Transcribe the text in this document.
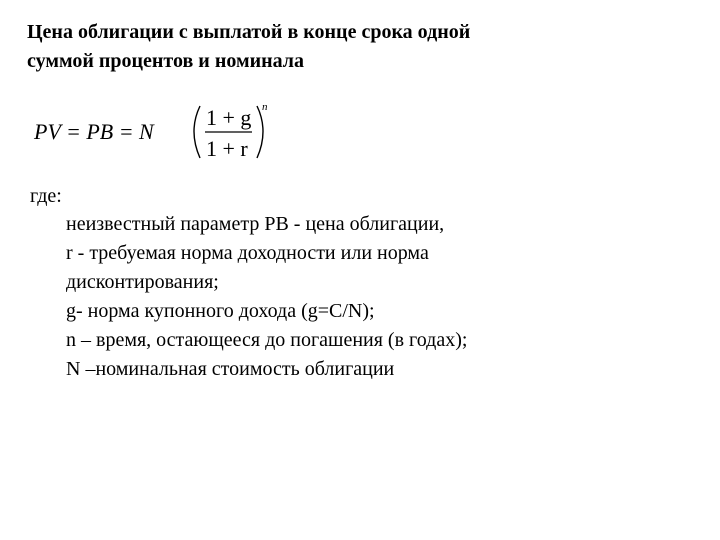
Цена облигации с выплатой в конце срока одной
суммой процентов и номинала
PV = PB = N
1 + g
1 + r
n
где:
неизвестный параметр PB - цена облигации,
r - требуемая норма доходности или норма
дисконтирования;
g- норма купонного дохода (g=C/N);
n – время, остающееся до погашения (в годах);
N –номинальная стоимость облигации
